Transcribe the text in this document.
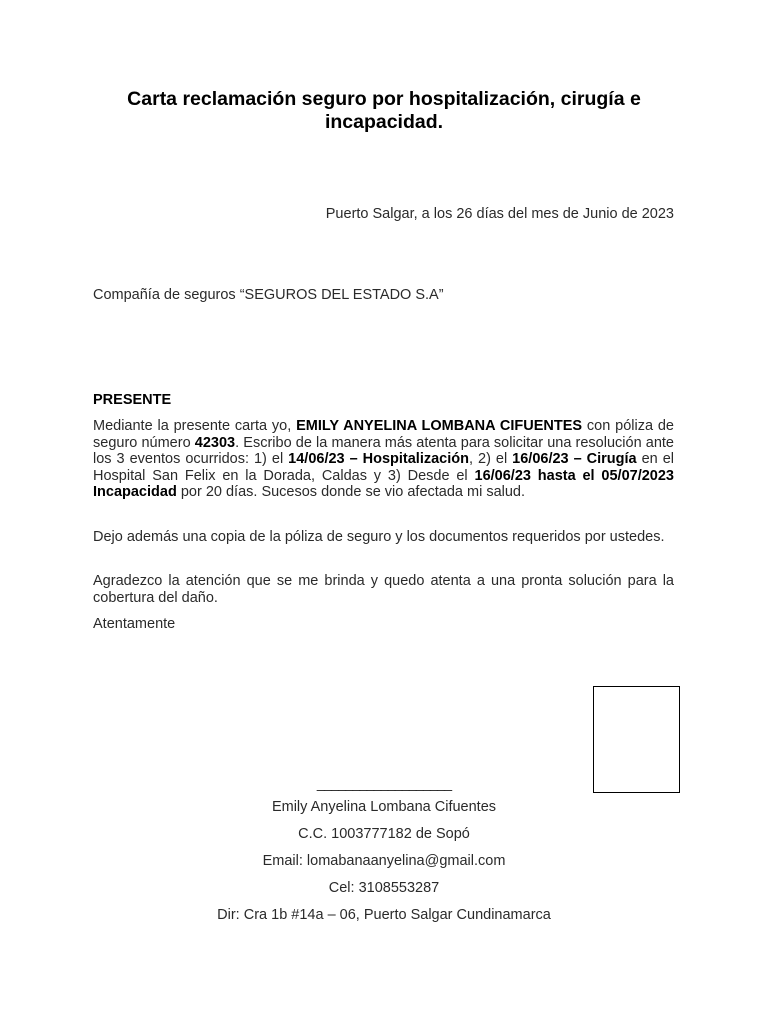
Carta reclamación seguro por hospitalización, cirugía e incapacidad.
Puerto Salgar, a los 26 días del mes de Junio de 2023
Compañía de seguros “SEGUROS DEL ESTADO S.A”
PRESENTE
Mediante la presente carta yo, EMILY ANYELINA LOMBANA CIFUENTES con póliza de seguro número 42303. Escribo de la manera más atenta para solicitar una resolución ante los 3 eventos ocurridos: 1) el 14/06/23 – Hospitalización, 2) el 16/06/23 – Cirugía en el Hospital San Felix en la Dorada, Caldas y 3) Desde el 16/06/23 hasta el 05/07/2023 Incapacidad por 20 días. Sucesos donde se vio afectada mi salud.
Dejo además una copia de la póliza de seguro y los documentos requeridos por ustedes.
Agradezco la atención que se me brinda y quedo atenta a una pronta solución para la cobertura del daño.
Atentamente
___________________
Emily Anyelina Lombana Cifuentes
C.C. 1003777182 de Sopó
Email: lomabanaanyelina@gmail.com
Cel: 3108553287
Dir: Cra 1b #14a – 06, Puerto Salgar Cundinamarca
